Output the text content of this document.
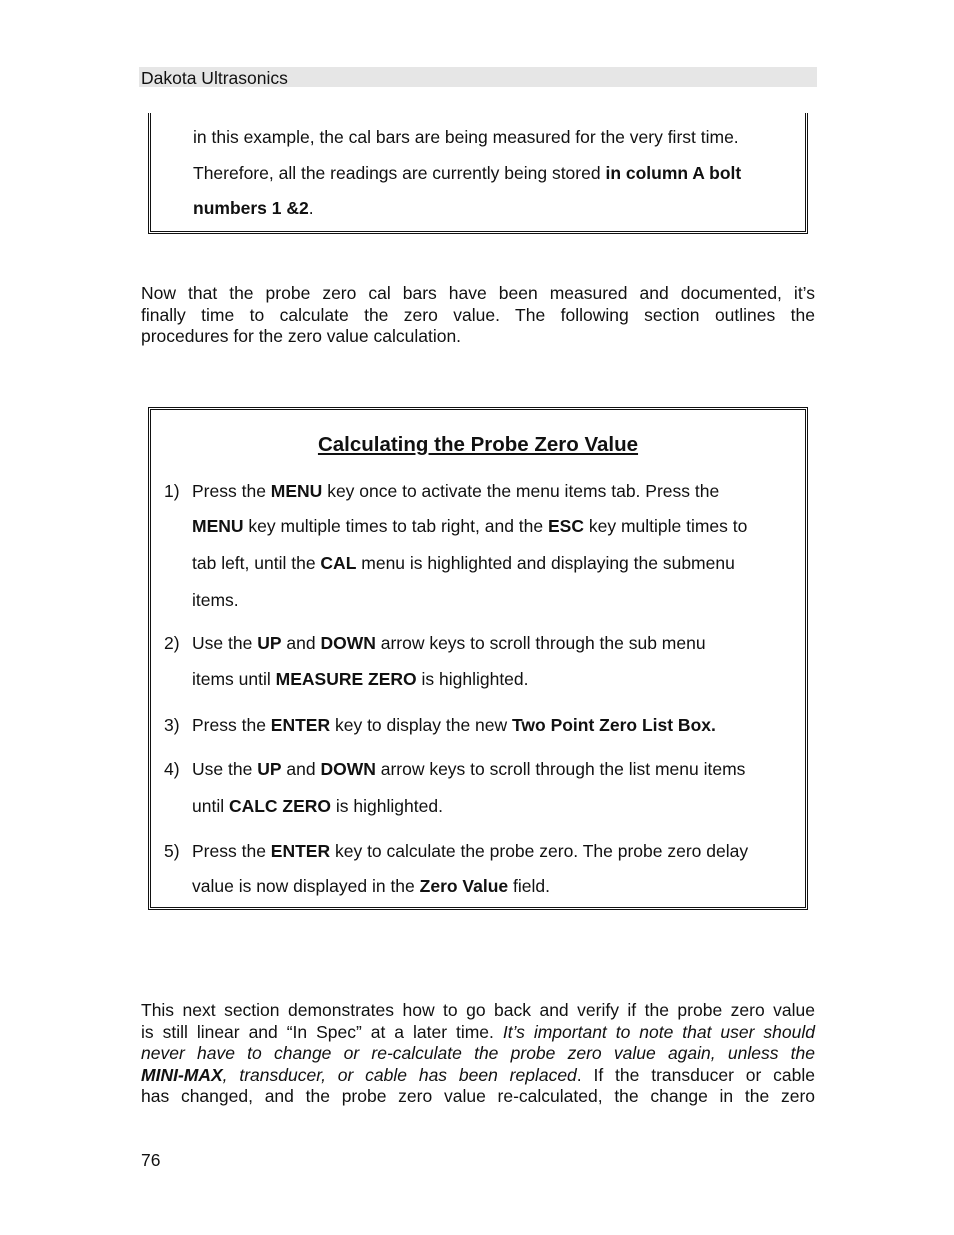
Dakota Ultrasonics
in this example, the cal bars are being measured for the very first time.
Therefore, all the readings are currently being stored in column A bolt
numbers 1 &2.
Now that the probe zero cal bars have been measured and documented, it’s
finally time to calculate the zero value. The following section outlines the
procedures for the zero value calculation.
Calculating the Probe Zero Value
1) Press the MENU key once to activate the menu items tab. Press the
MENU key multiple times to tab right, and the ESC key multiple times to
tab left, until the CAL menu is highlighted and displaying the submenu
items.
2) Use the UP and DOWN arrow keys to scroll through the sub menu
items until MEASURE ZERO is highlighted.
3) Press the ENTER key to display the new Two Point Zero List Box.
4) Use the UP and DOWN arrow keys to scroll through the list menu items
until CALC ZERO is highlighted.
5) Press the ENTER key to calculate the probe zero. The probe zero delay
value is now displayed in the Zero Value field.
This next section demonstrates how to go back and verify if the probe zero value
is still linear and “In Spec” at a later time. It’s important to note that user should
never have to change or re-calculate the probe zero value again, unless the
MINI-MAX, transducer, or cable has been replaced. If the transducer or cable
has changed, and the probe zero value re-calculated, the change in the zero
76
